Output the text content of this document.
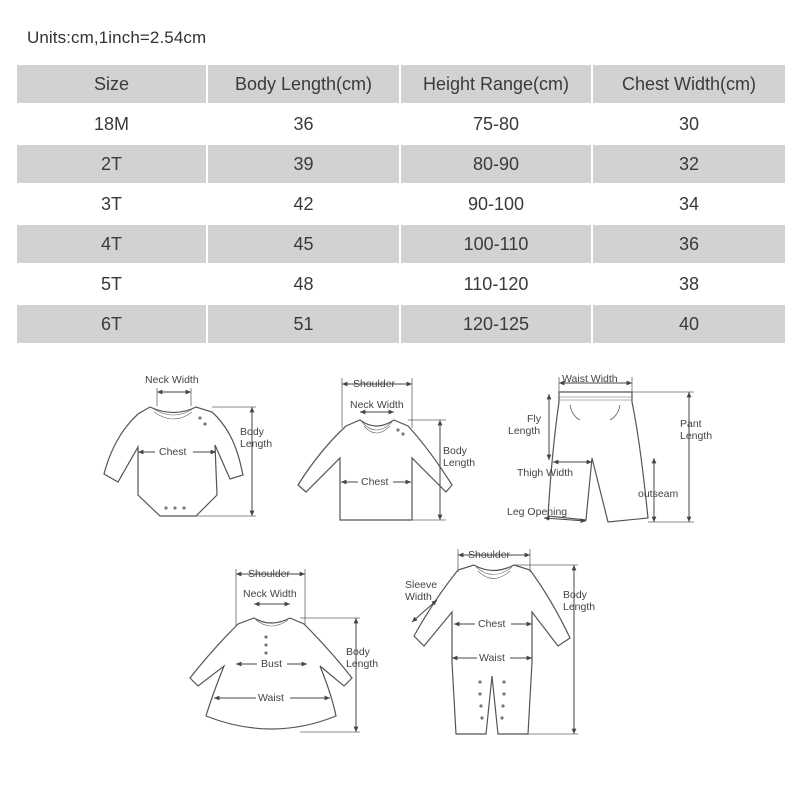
Units:cm,1inch=2.54cm
Size	Body Length(cm)	Height Range(cm)	Chest Width(cm)
18M	36	75-80	30
2T	39	80-90	32
3T	42	90-100	34
4T	45	100-110	36
5T	48	110-120	38
6T	51	120-125	40
Neck Width
Chest
Body
Length
Shoulder
Neck Width
Chest
Body
Length
Waist Width
Fly
Length
Pant
Length
Thigh Width
outseam
Leg Opening
Shoulder
Neck Width
Bust
Waist
Body
Length
Shoulder
Sleeve
Width
Chest
Waist
Body
Length
